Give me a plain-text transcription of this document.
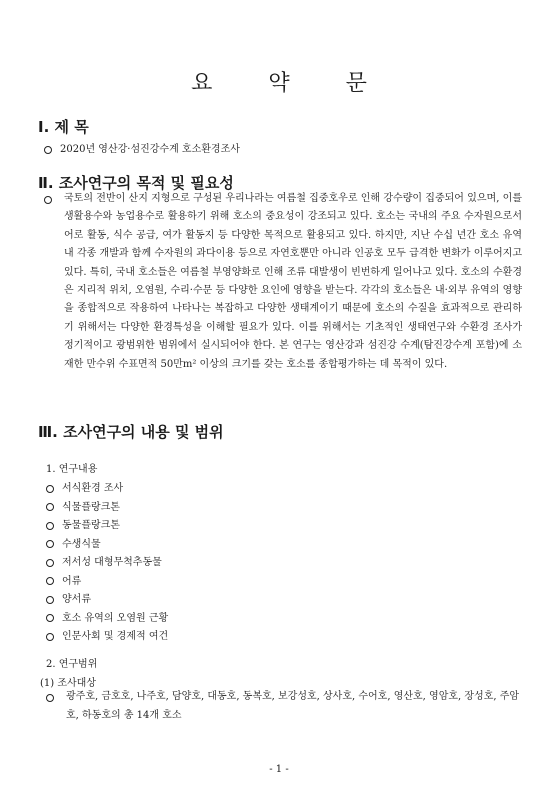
요	약	문
Ⅰ. 제 목
2020년 영산강·섬진강수계 호소환경조사
Ⅱ. 조사연구의 목적 및 필요성
국토의 전반이 산지 지형으로 구성된 우리나라는 여름철 집중호우로 인해 강수량이 집중되어 있으며, 이를 생활용수와 농업용수로 활용하기 위해 호소의 중요성이 강조되고 있다. 호소는 국내의 주요 수자원으로서 어로 활동, 식수 공급, 여가 활동지 등 다양한 목적으로 활용되고 있다. 하지만, 지난 수십 년간 호소 유역 내 각종 개발과 함께 수자원의 과다이용 등으로 자연호뿐만 아니라 인공호 모두 급격한 변화가 이루어지고 있다. 특히, 국내 호소들은 여름철 부영양화로 인해 조류 대발생이 빈번하게 일어나고 있다. 호소의 수환경은 지리적 위치, 오염원, 수리·수문 등 다양한 요인에 영향을 받는다. 각각의 호소들은 내·외부 유역의 영향을 종합적으로 작용하여 나타나는 복잡하고 다양한 생태계이기 때문에 호소의 수질을 효과적으로 관리하기 위해서는 다양한 환경특성을 이해할 필요가 있다. 이를 위해서는 기초적인 생태연구와 수환경 조사가 정기적이고 광범위한 범위에서 실시되어야 한다. 본 연구는 영산강과 섬진강 수계(탐진강수계 포함)에 소재한 만수위 수표면적 50만m² 이상의 크기를 갖는 호소를 종합평가하는 데 목적이 있다.
Ⅲ. 조사연구의 내용 및 범위
1. 연구내용
서식환경 조사
식물플랑크톤
동물플랑크톤
수생식물
저서성 대형무척추동물
어류
양서류
호소 유역의 오염원 근황
인문사회 및 경제적 여건
2. 연구범위
(1) 조사대상
광주호, 금호호, 나주호, 담양호, 대동호, 동복호, 보강성호, 상사호, 수어호, 영산호, 영암호, 장성호, 주암호, 하동호의 총 14개 호소
- 1 -
